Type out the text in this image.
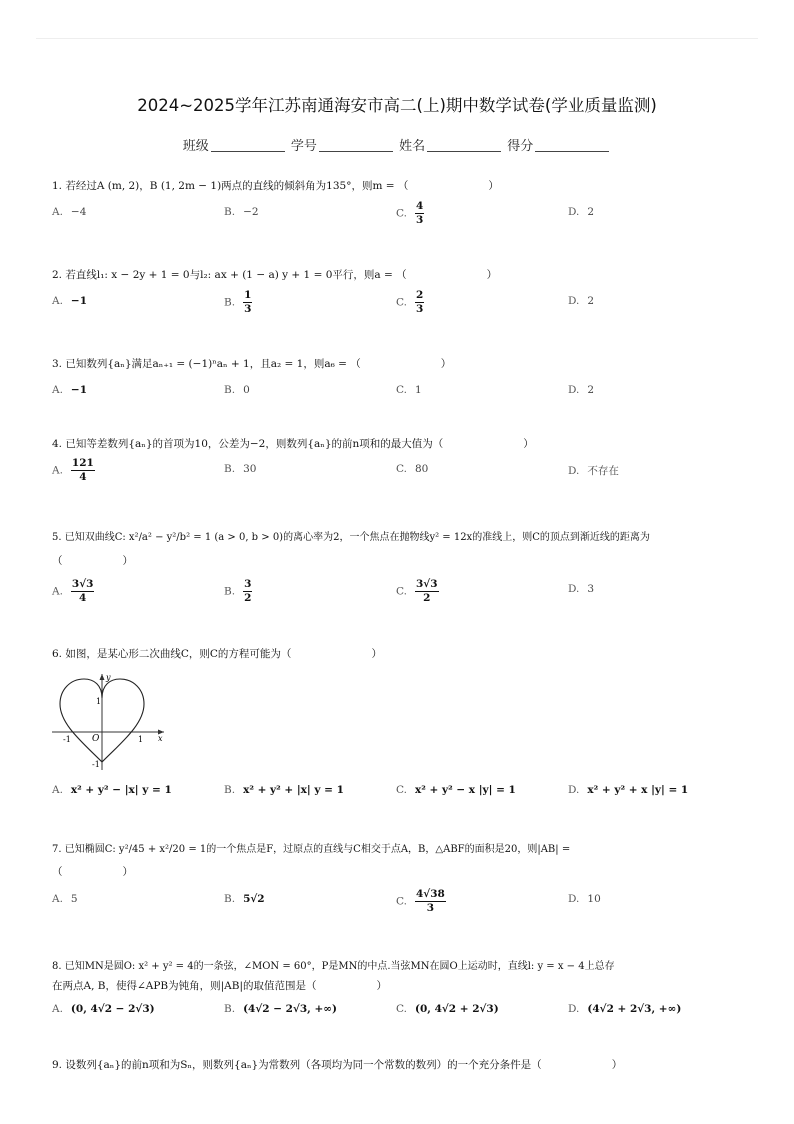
2024~2025学年江苏南通海安市高二(上)期中数学试卷(学业质量监测)
班级	学号	姓名	得分
1. 若经过A (m, 2)，B (1, 2m − 1)两点的直线的倾斜角为135°，则m = （	）
A. −4	B. −2	C. $\frac{4}{3}$	D. 2
2. 若直线l₁: x − 2y + 1 = 0与l₂: ax + (1 − a) y + 1 = 0平行，则a = （	）
A. −1	B. $\frac{1}{3}$	C. $\frac{2}{3}$	D. 2
3. 已知数列{aₙ}满足aₙ₊₁ = (−1)ⁿaₙ + 1，且a₂ = 1，则a₆ = （	）
A. −1	B. 0	C. 1	D. 2
4. 已知等差数列{aₙ}的首项为10，公差为−2，则数列{aₙ}的前n项和的最大值为（	）
A. $\frac{121}{4}$	B. 30	C. 80	D. 不存在
5. 已知双曲线C: x²/a² − y²/b² = 1 (a > 0, b > 0)的离心率为2，一个焦点在抛物线y² = 12x的准线上，则C的顶点到渐近线的距离为
（	）
A. $\frac{3√3}{4}$	B. $\frac{3}{2}$	C. $\frac{3√3}{2}$	D. 3
6. 如图，是某心形二次曲线C，则C的方程可能为（	）
y
x
O
1
-1
1
-1
A. x² + y² − |x| y = 1	B. x² + y² + |x| y = 1	C. x² + y² − x |y| = 1	D. x² + y² + x |y| = 1
7. 已知椭圆C: y²/45 + x²/20 = 1的一个焦点是F，过原点的直线与C相交于点A，B，△ABF的面积是20，则|AB| =
（	）
A. 5	B. 5√2	C. $\frac{4√38}{3}$	D. 10
8. 已知MN是圆O: x² + y² = 4的一条弦，∠MON = 60°，P是MN的中点.当弦MN在圆O上运动时，直线l: y = x − 4上总存
在两点A, B，使得∠APB为钝角，则|AB|的取值范围是（	）
A. (0, 4√2 − 2√3)	B. (4√2 − 2√3, +∞)	C. (0, 4√2 + 2√3)	D. (4√2 + 2√3, +∞)
9. 设数列{aₙ}的前n项和为Sₙ，则数列{aₙ}为常数列（各项均为同一个常数的数列）的一个充分条件是（	）
